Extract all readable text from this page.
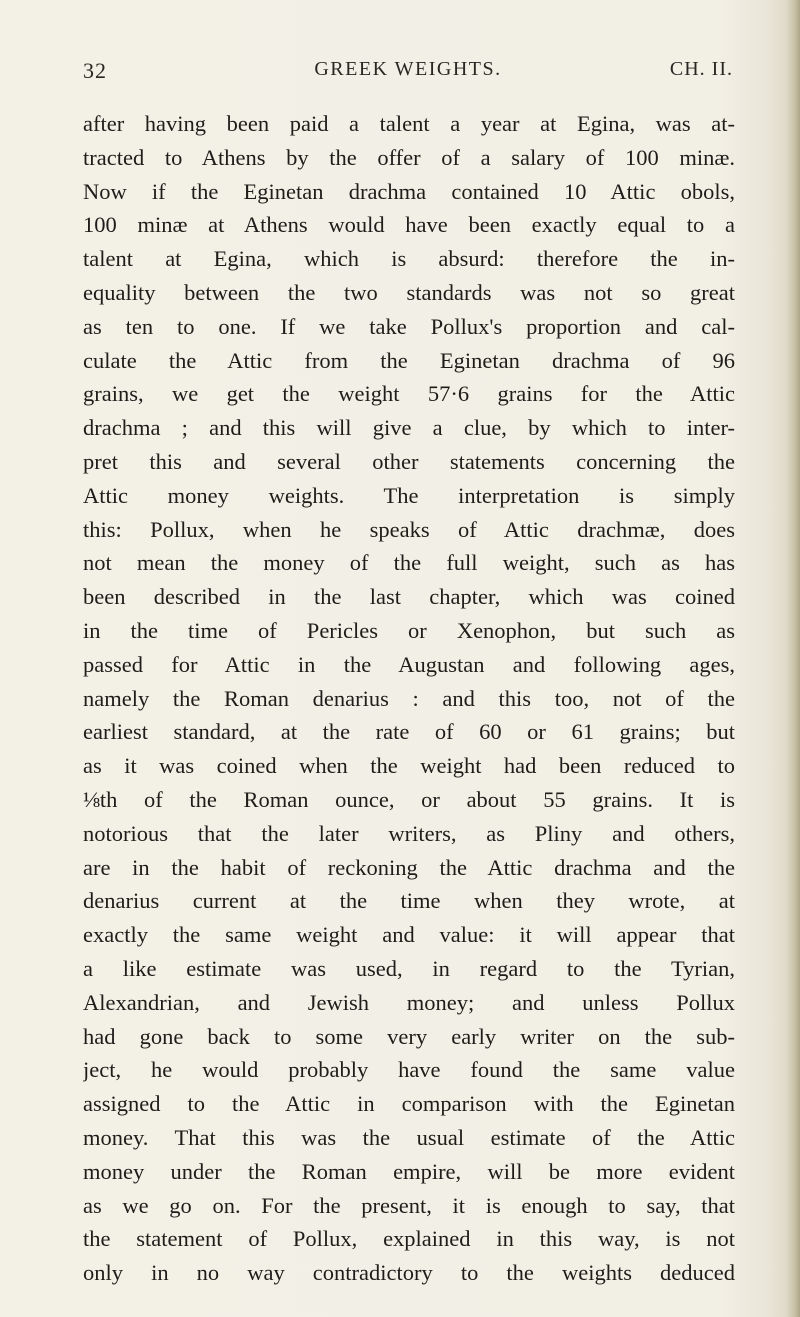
32	GREEK WEIGHTS.	CH. II.
after having been paid a talent a year at Egina, was at-
tracted to Athens by the offer of a salary of 100 minæ.
Now if the Eginetan drachma contained 10 Attic obols,
100 minæ at Athens would have been exactly equal to a
talent at Egina, which is absurd: therefore the in-
equality between the two standards was not so great
as ten to one. If we take Pollux's proportion and cal-
culate the Attic from the Eginetan drachma of 96
grains, we get the weight 57·6 grains for the Attic
drachma ; and this will give a clue, by which to inter-
pret this and several other statements concerning the
Attic money weights. The interpretation is simply
this: Pollux, when he speaks of Attic drachmæ, does
not mean the money of the full weight, such as has
been described in the last chapter, which was coined
in the time of Pericles or Xenophon, but such as
passed for Attic in the Augustan and following ages,
namely the Roman denarius : and this too, not of the
earliest standard, at the rate of 60 or 61 grains; but
as it was coined when the weight had been reduced to
⅛th of the Roman ounce, or about 55 grains. It is
notorious that the later writers, as Pliny and others,
are in the habit of reckoning the Attic drachma and the
denarius current at the time when they wrote, at
exactly the same weight and value: it will appear that
a like estimate was used, in regard to the Tyrian,
Alexandrian, and Jewish money; and unless Pollux
had gone back to some very early writer on the sub-
ject, he would probably have found the same value
assigned to the Attic in comparison with the Eginetan
money. That this was the usual estimate of the Attic
money under the Roman empire, will be more evident
as we go on. For the present, it is enough to say, that
the statement of Pollux, explained in this way, is not
only in no way contradictory to the weights deduced
